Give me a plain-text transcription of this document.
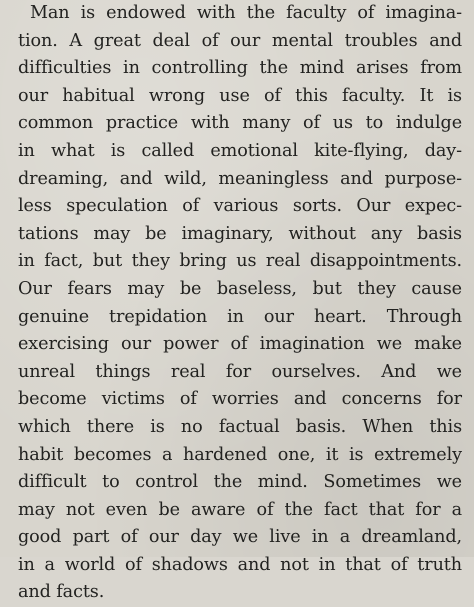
Man is endowed with the faculty of imagina-
tion. A great deal of our mental troubles and
difficulties in controlling the mind arises from
our habitual wrong use of this faculty. It is
common practice with many of us to indulge
in what is called emotional kite-flying, day-
dreaming, and wild, meaningless and purpose-
less speculation of various sorts. Our expec-
tations may be imaginary, without any basis
in fact, but they bring us real disappointments.
Our fears may be baseless, but they cause
genuine trepidation in our heart. Through
exercising our power of imagination we make
unreal things real for ourselves. And we
become victims of worries and concerns for
which there is no factual basis. When this
habit becomes a hardened one, it is extremely
difficult to control the mind. Sometimes we
may not even be aware of the fact that for a
good part of our day we live in a dreamland,
in a world of shadows and not in that of truth
and facts.
